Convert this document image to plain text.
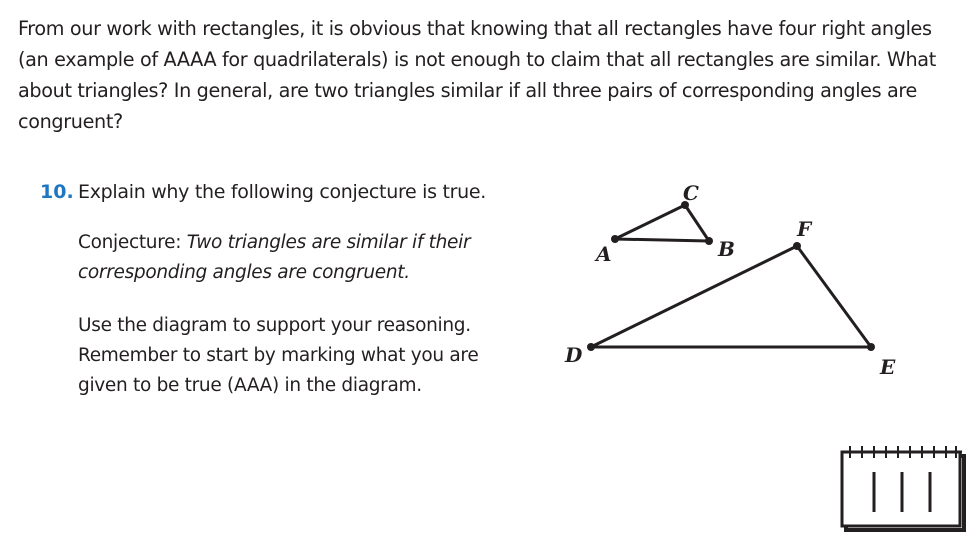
From our work with rectangles, it is obvious that knowing that all rectangles have four right angles
(an example of AAAA for quadrilaterals) is not enough to claim that all rectangles are similar. What
about triangles? In general, are two triangles similar if all three pairs of corresponding angles are
congruent?
10. Explain why the following conjecture is true.
Conjecture: Two triangles are similar if their
corresponding angles are congruent.
Use the diagram to support your reasoning.
Remember to start by marking what you are
given to be true (AAA) in the diagram.
C
A	B
F
D	E
